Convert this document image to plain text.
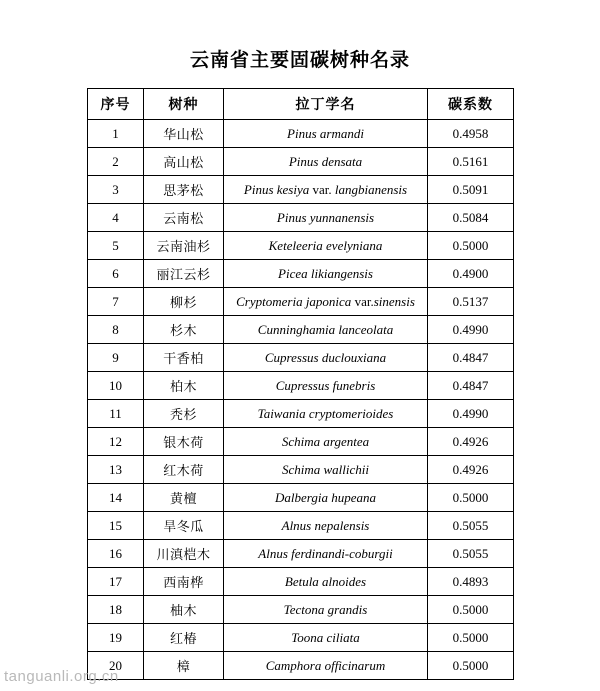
云南省主要固碳树种名录
序号	树种	拉丁学名	碳系数
1	华山松	Pinus armandi	0.4958
2	高山松	Pinus densata	0.5161
3	思茅松	Pinus kesiya var. langbianensis	0.5091
4	云南松	Pinus yunnanensis	0.5084
5	云南油杉	Keteleeria evelyniana	0.5000
6	丽江云杉	Picea likiangensis	0.4900
7	柳杉	Cryptomeria japonica var.sinensis	0.5137
8	杉木	Cunninghamia lanceolata	0.4990
9	干香柏	Cupressus duclouxiana	0.4847
10	柏木	Cupressus funebris	0.4847
11	秃杉	Taiwania cryptomerioides	0.4990
12	银木荷	Schima argentea	0.4926
13	红木荷	Schima wallichii	0.4926
14	黄檀	Dalbergia hupeana	0.5000
15	旱冬瓜	Alnus nepalensis	0.5055
16	川滇桤木	Alnus ferdinandi-coburgii	0.5055
17	西南桦	Betula alnoides	0.4893
18	柚木	Tectona grandis	0.5000
19	红椿	Toona ciliata	0.5000
20	樟	Camphora officinarum	0.5000
tanguanli.org.cn
